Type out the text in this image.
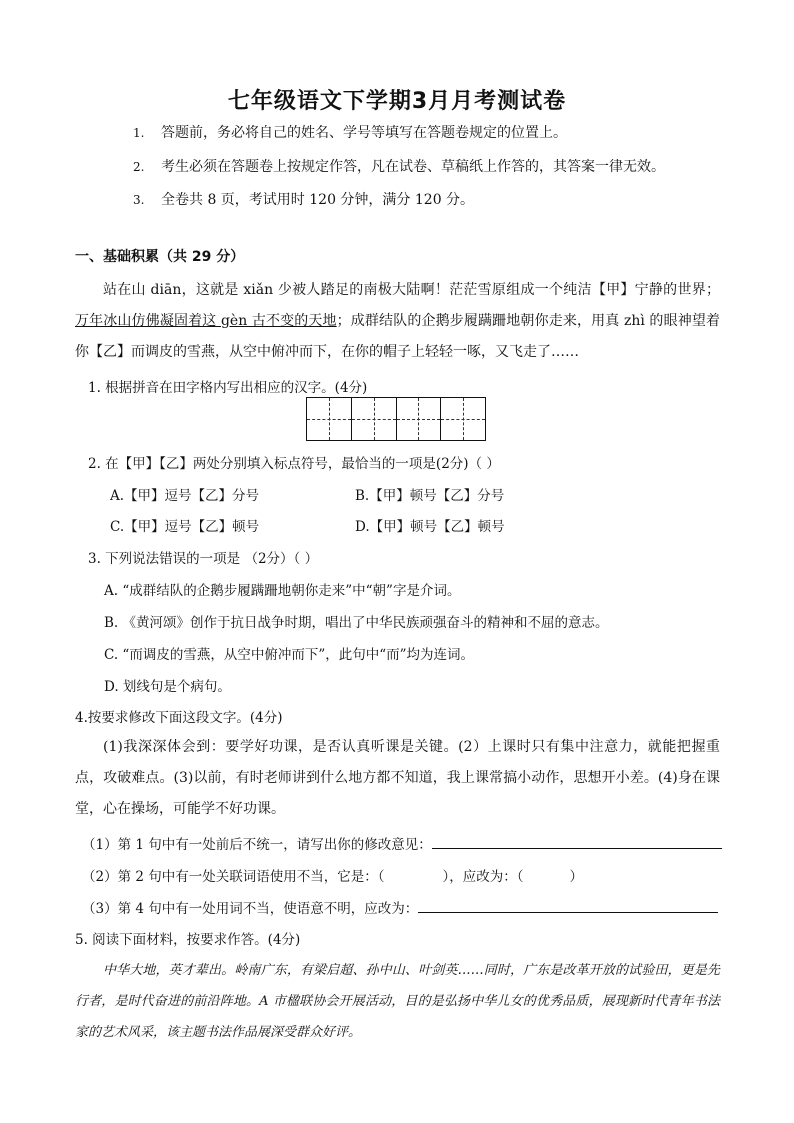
七年级语文下学期3月月考测试卷
1. 答题前，务必将自己的姓名、学号等填写在答题卷规定的位置上。
2. 考生必须在答题卷上按规定作答，凡在试卷、草稿纸上作答的，其答案一律无效。
3. 全卷共 8 页，考试用时 120 分钟，满分 120 分。
一、基础积累（共 29 分）
站在山 diān，这就是 xiǎn 少被人踏足的南极大陆啊！茫茫雪原组成一个纯洁【甲】宁静的世界；万年冰山仿佛凝固着这 gèn 古不变的天地；成群结队的企鹅步履蹒跚地朝你走来，用真 zhì 的眼神望着你【乙】而调皮的雪燕，从空中俯冲而下，在你的帽子上轻轻一啄，又飞走了……
1. 根据拼音在田字格内写出相应的汉字。(4分)
2. 在【甲】【乙】两处分别填入标点符号，最恰当的一项是(2分)（ ）
A.【甲】逗号【乙】分号	B.【甲】顿号【乙】分号
C.【甲】逗号【乙】顿号	D.【甲】顿号【乙】顿号
3. 下列说法错误的一项是 （2分）（ ）
A. “成群结队的企鹅步履蹒跚地朝你走来”中“朝”字是介词。
B. 《黄河颂》创作于抗日战争时期，唱出了中华民族顽强奋斗的精神和不屈的意志。
C. “而调皮的雪燕，从空中俯冲而下”，此句中“而”均为连词。
D. 划线句是个病句。
4.按要求修改下面这段文字。(4分)
(1)我深深体会到：要学好功课，是否认真听课是关键。(2）上课时只有集中注意力，就能把握重点，攻破难点。(3)以前，有时老师讲到什么地方都不知道，我上课常搞小动作，思想开小差。(4)身在课堂，心在操场，可能学不好功课。
（1）第 1 句中有一处前后不统一，请写出你的修改意见：
（2）第 2 句中有一处关联词语使用不当，它是：（	），应改为：（	）
（3）第 4 句中有一处用词不当，使语意不明，应改为：
5. 阅读下面材料，按要求作答。(4分)
中华大地，英才辈出。岭南广东，有梁启超、孙中山、叶剑英……同时，广东是改革开放的试验田，更是先行者，是时代奋进的前沿阵地。A 市楹联协会开展活动，目的是弘扬中华儿女的优秀品质，展现新时代青年书法家的艺术风采，该主题书法作品展深受群众好评。
